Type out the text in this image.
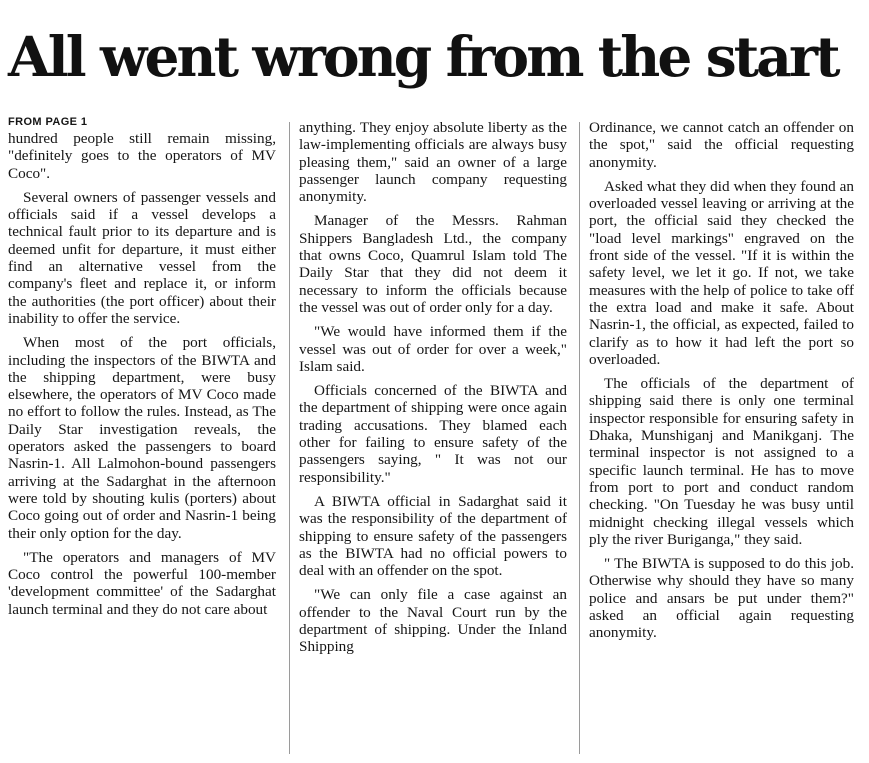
All went wrong from the start
FROM PAGE 1

hundred people still remain missing, "definitely goes to the operators of MV Coco".

Several owners of passenger vessels and officials said if a vessel develops a technical fault prior to its departure and is deemed unfit for departure, it must either find an alternative vessel from the company's fleet and replace it, or inform the authorities (the port officer) about their inability to offer the service.

When most of the port officials, including the inspectors of the BIWTA and the shipping department, were busy elsewhere, the operators of MV Coco made no effort to follow the rules. Instead, as The Daily Star investigation reveals, the operators asked the passengers to board Nasrin-1. All Lalmohon-bound passengers arriving at the Sadarghat in the afternoon were told by shouting kulis (porters) about Coco going out of order and Nasrin-1 being their only option for the day.

"The operators and managers of MV Coco control the powerful 100-member 'development committee' of the Sadarghat launch terminal and they do not care about

anything. They enjoy absolute liberty as the law-implementing officials are always busy pleasing them," said an owner of a large passenger launch company requesting anonymity.

Manager of the Messrs. Rahman Shippers Bangladesh Ltd., the company that owns Coco, Quamrul Islam told The Daily Star that they did not deem it necessary to inform the officials because the vessel was out of order only for a day.

"We would have informed them if the vessel was out of order for over a week," Islam said.

Officials concerned of the BIWTA and the department of shipping were once again trading accusations. They blamed each other for failing to ensure safety of the passengers saying, " It was not our responsibility."

A BIWTA official in Sadarghat said it was the responsibility of the department of shipping to ensure safety of the passengers as the BIWTA had no official powers to deal with an offender on the spot.

"We can only file a case against an offender to the Naval Court run by the department of shipping. Under the Inland Shipping

Ordinance, we cannot catch an offender on the spot," said the official requesting anonymity.

Asked what they did when they found an overloaded vessel leaving or arriving at the port, the official said they checked the "load level markings" engraved on the front side of the vessel. "If it is within the safety level, we let it go. If not, we take measures with the help of police to take off the extra load and make it safe. About Nasrin-1, the official, as expected, failed to clarify as to how it had left the port so overloaded.

The officials of the department of shipping said there is only one terminal inspector responsible for ensuring safety in Dhaka, Munshiganj and Manikganj. The terminal inspector is not assigned to a specific launch terminal. He has to move from port to port and conduct random checking. "On Tuesday he was busy until midnight checking illegal vessels which ply the river Buriganga," they said.

" The BIWTA is supposed to do this job. Otherwise why should they have so many police and ansars be put under them?" asked an official again requesting anonymity.
